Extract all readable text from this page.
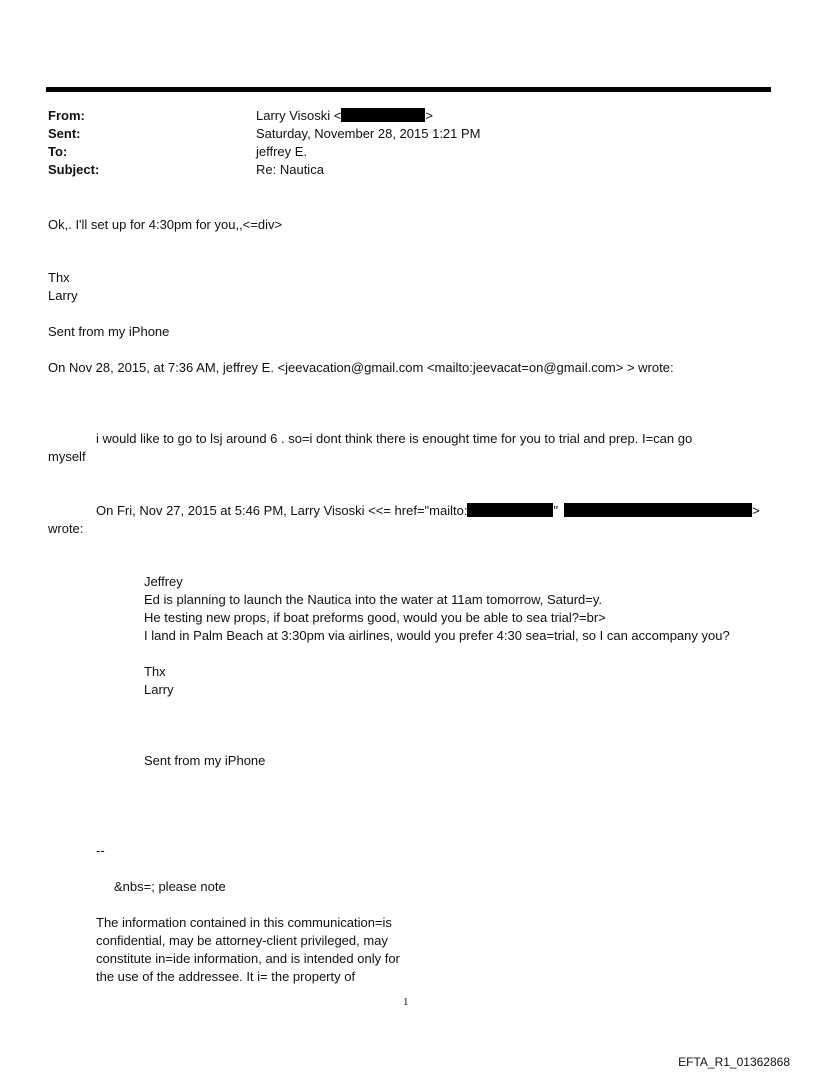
From:	Larry Visoski <	>
Sent:	Saturday, November 28, 2015 1:21 PM
To:	jeffrey E.
Subject:	Re: Nautica
Ok,. I'll set up for 4:30pm for you,,<=div>
Thx
Larry
Sent from my iPhone
On Nov 28, 2015, at 7:36 AM, jeffrey E. <jeevacation@gmail.com <mailto:jeevacat=on@gmail.com> > wrote:
i would like to go to lsj around 6 . so=i dont think there is enought time for you to trial and prep. I=can go
myself
On Fri, Nov 27, 2015 at 5:46 PM, Larry Visoski <<= href="mailto:	"	>
wrote:
Jeffrey
Ed is planning to launch the Nautica into the water at 11am tomorrow, Saturd=y.
He testing new props, if boat preforms good, would you be able to sea trial?=br>
I land in Palm Beach at 3:30pm via airlines, would you prefer 4:30 sea=trial, so I can accompany you?
Thx
Larry
Sent from my iPhone
--
&nbs=; please note
The information contained in this communication=is
confidential, may be attorney-client privileged, may
constitute in=ide information, and is intended only for
the use of the addressee. It i= the property of
1
EFTA_R1_01362868
